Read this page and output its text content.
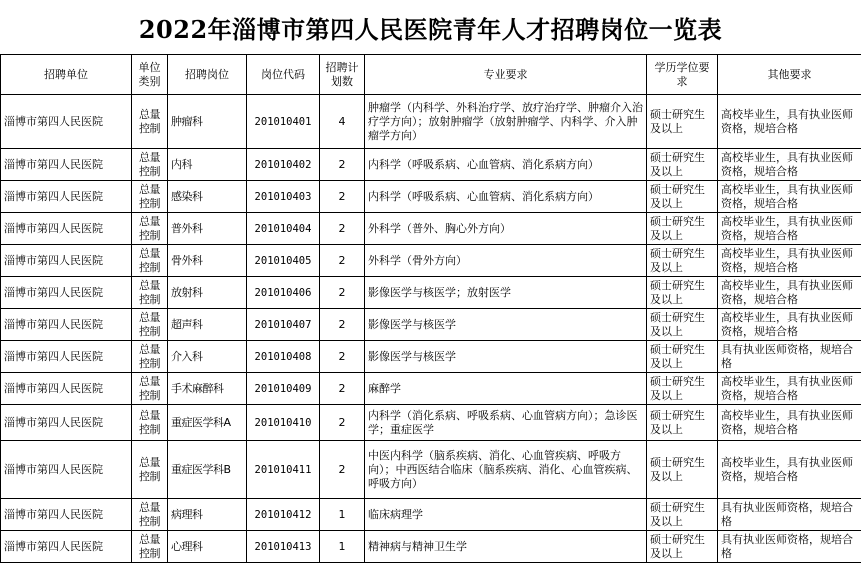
2022年淄博市第四人民医院青年人才招聘岗位一览表
招聘单位	单位类别	招聘岗位	岗位代码	招聘计划数	专业要求	学历学位要求	其他要求
淄博市第四人民医院	总量控制	肿瘤科	201010401	4	肿瘤学（内科学、外科治疗学、放疗治疗学、肿瘤介入治疗学方向）；放射肿瘤学（放射肿瘤学、内科学、介入肿瘤学方向）	硕士研究生及以上	高校毕业生，具有执业医师资格，规培合格
淄博市第四人民医院	总量控制	内科	201010402	2	内科学（呼吸系病、心血管病、消化系病方向）	硕士研究生及以上	高校毕业生，具有执业医师资格，规培合格
淄博市第四人民医院	总量控制	感染科	201010403	2	内科学（呼吸系病、心血管病、消化系病方向）	硕士研究生及以上	高校毕业生，具有执业医师资格，规培合格
淄博市第四人民医院	总量控制	普外科	201010404	2	外科学（普外、胸心外方向）	硕士研究生及以上	高校毕业生，具有执业医师资格，规培合格
淄博市第四人民医院	总量控制	骨外科	201010405	2	外科学（骨外方向）	硕士研究生及以上	高校毕业生，具有执业医师资格，规培合格
淄博市第四人民医院	总量控制	放射科	201010406	2	影像医学与核医学；放射医学	硕士研究生及以上	高校毕业生，具有执业医师资格，规培合格
淄博市第四人民医院	总量控制	超声科	201010407	2	影像医学与核医学	硕士研究生及以上	高校毕业生，具有执业医师资格，规培合格
淄博市第四人民医院	总量控制	介入科	201010408	2	影像医学与核医学	硕士研究生及以上	具有执业医师资格，规培合格
淄博市第四人民医院	总量控制	手术麻醉科	201010409	2	麻醉学	硕士研究生及以上	高校毕业生，具有执业医师资格，规培合格
淄博市第四人民医院	总量控制	重症医学科A	201010410	2	内科学（消化系病、呼吸系病、心血管病方向）；急诊医学；重症医学	硕士研究生及以上	高校毕业生，具有执业医师资格，规培合格
淄博市第四人民医院	总量控制	重症医学科B	201010411	2	中医内科学（脑系疾病、消化、心血管疾病、呼吸方向）；中西医结合临床（脑系疾病、消化、心血管疾病、呼吸方向）	硕士研究生及以上	高校毕业生，具有执业医师资格，规培合格
淄博市第四人民医院	总量控制	病理科	201010412	1	临床病理学	硕士研究生及以上	具有执业医师资格，规培合格
淄博市第四人民医院	总量控制	心理科	201010413	1	精神病与精神卫生学	硕士研究生及以上	具有执业医师资格，规培合格
